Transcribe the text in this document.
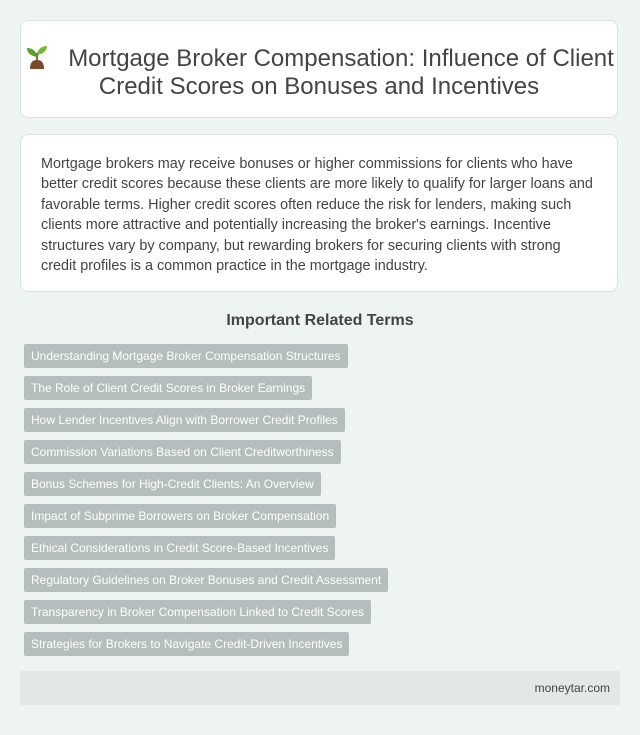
Mortgage Broker Compensation: Influence of Client Credit Scores on Bonuses and Incentives

Mortgage brokers may receive bonuses or higher commissions for clients who have better credit scores because these clients are more likely to qualify for larger loans and favorable terms. Higher credit scores often reduce the risk for lenders, making such clients more attractive and potentially increasing the broker's earnings. Incentive structures vary by company, but rewarding brokers for securing clients with strong credit profiles is a common practice in the mortgage industry.

Important Related Terms
Understanding Mortgage Broker Compensation Structures
The Role of Client Credit Scores in Broker Earnings
How Lender Incentives Align with Borrower Credit Profiles
Commission Variations Based on Client Creditworthiness
Bonus Schemes for High-Credit Clients: An Overview
Impact of Subprime Borrowers on Broker Compensation
Ethical Considerations in Credit Score-Based Incentives
Regulatory Guidelines on Broker Bonuses and Credit Assessment
Transparency in Broker Compensation Linked to Credit Scores
Strategies for Brokers to Navigate Credit-Driven Incentives
moneytar.com
